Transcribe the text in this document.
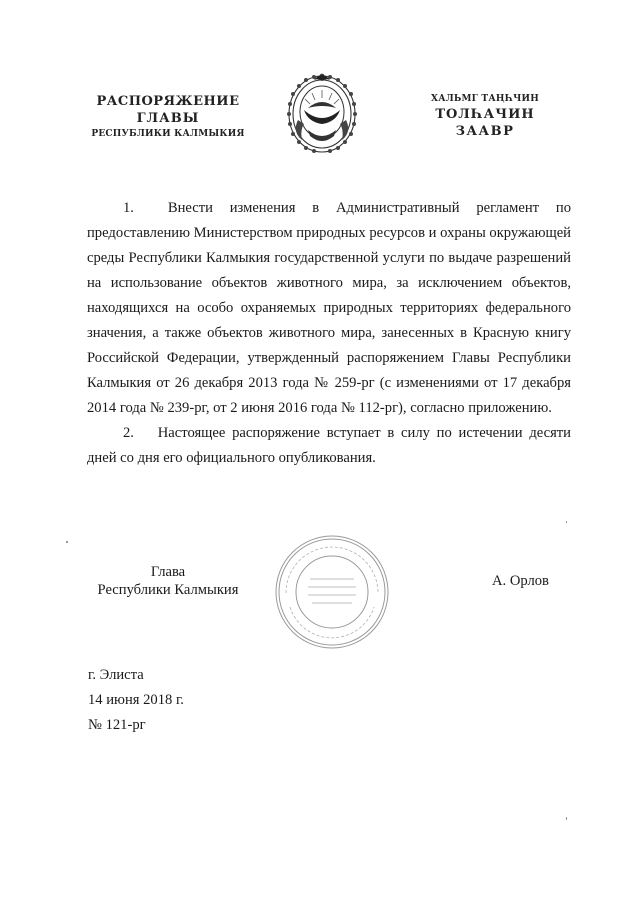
РАСПОРЯЖЕНИЕ
ГЛАВЫ
РЕСПУБЛИКИ КАЛМЫКИЯ
ХАЛЬМГ ТАҢҺЧИН
ТОЛҺАЧИН
ЗААВР

1. Внести изменения в Административный регламент по предоставлению Министерством природных ресурсов и охраны окружающей среды Республики Калмыкия государственной услуги по выдаче разрешений на использование объектов животного мира, за исключением объектов, находящихся на особо охраняемых природных территориях федерального значения, а также объектов животного мира, занесенных в Красную книгу Российской Федерации, утвержденный распоряжением Главы Республики Калмыкия от 26 декабря 2013 года № 259-рг (с изменениями от 17 декабря 2014 года № 239-рг, от 2 июня 2016 года № 112-рг), согласно приложению.

2. Настоящее распоряжение вступает в силу по истечении десяти дней со дня его официального опубликования.

Глава
Республики Калмыкия
А. Орлов
г. Элиста
14 июня 2018 г.
№ 121-рг
